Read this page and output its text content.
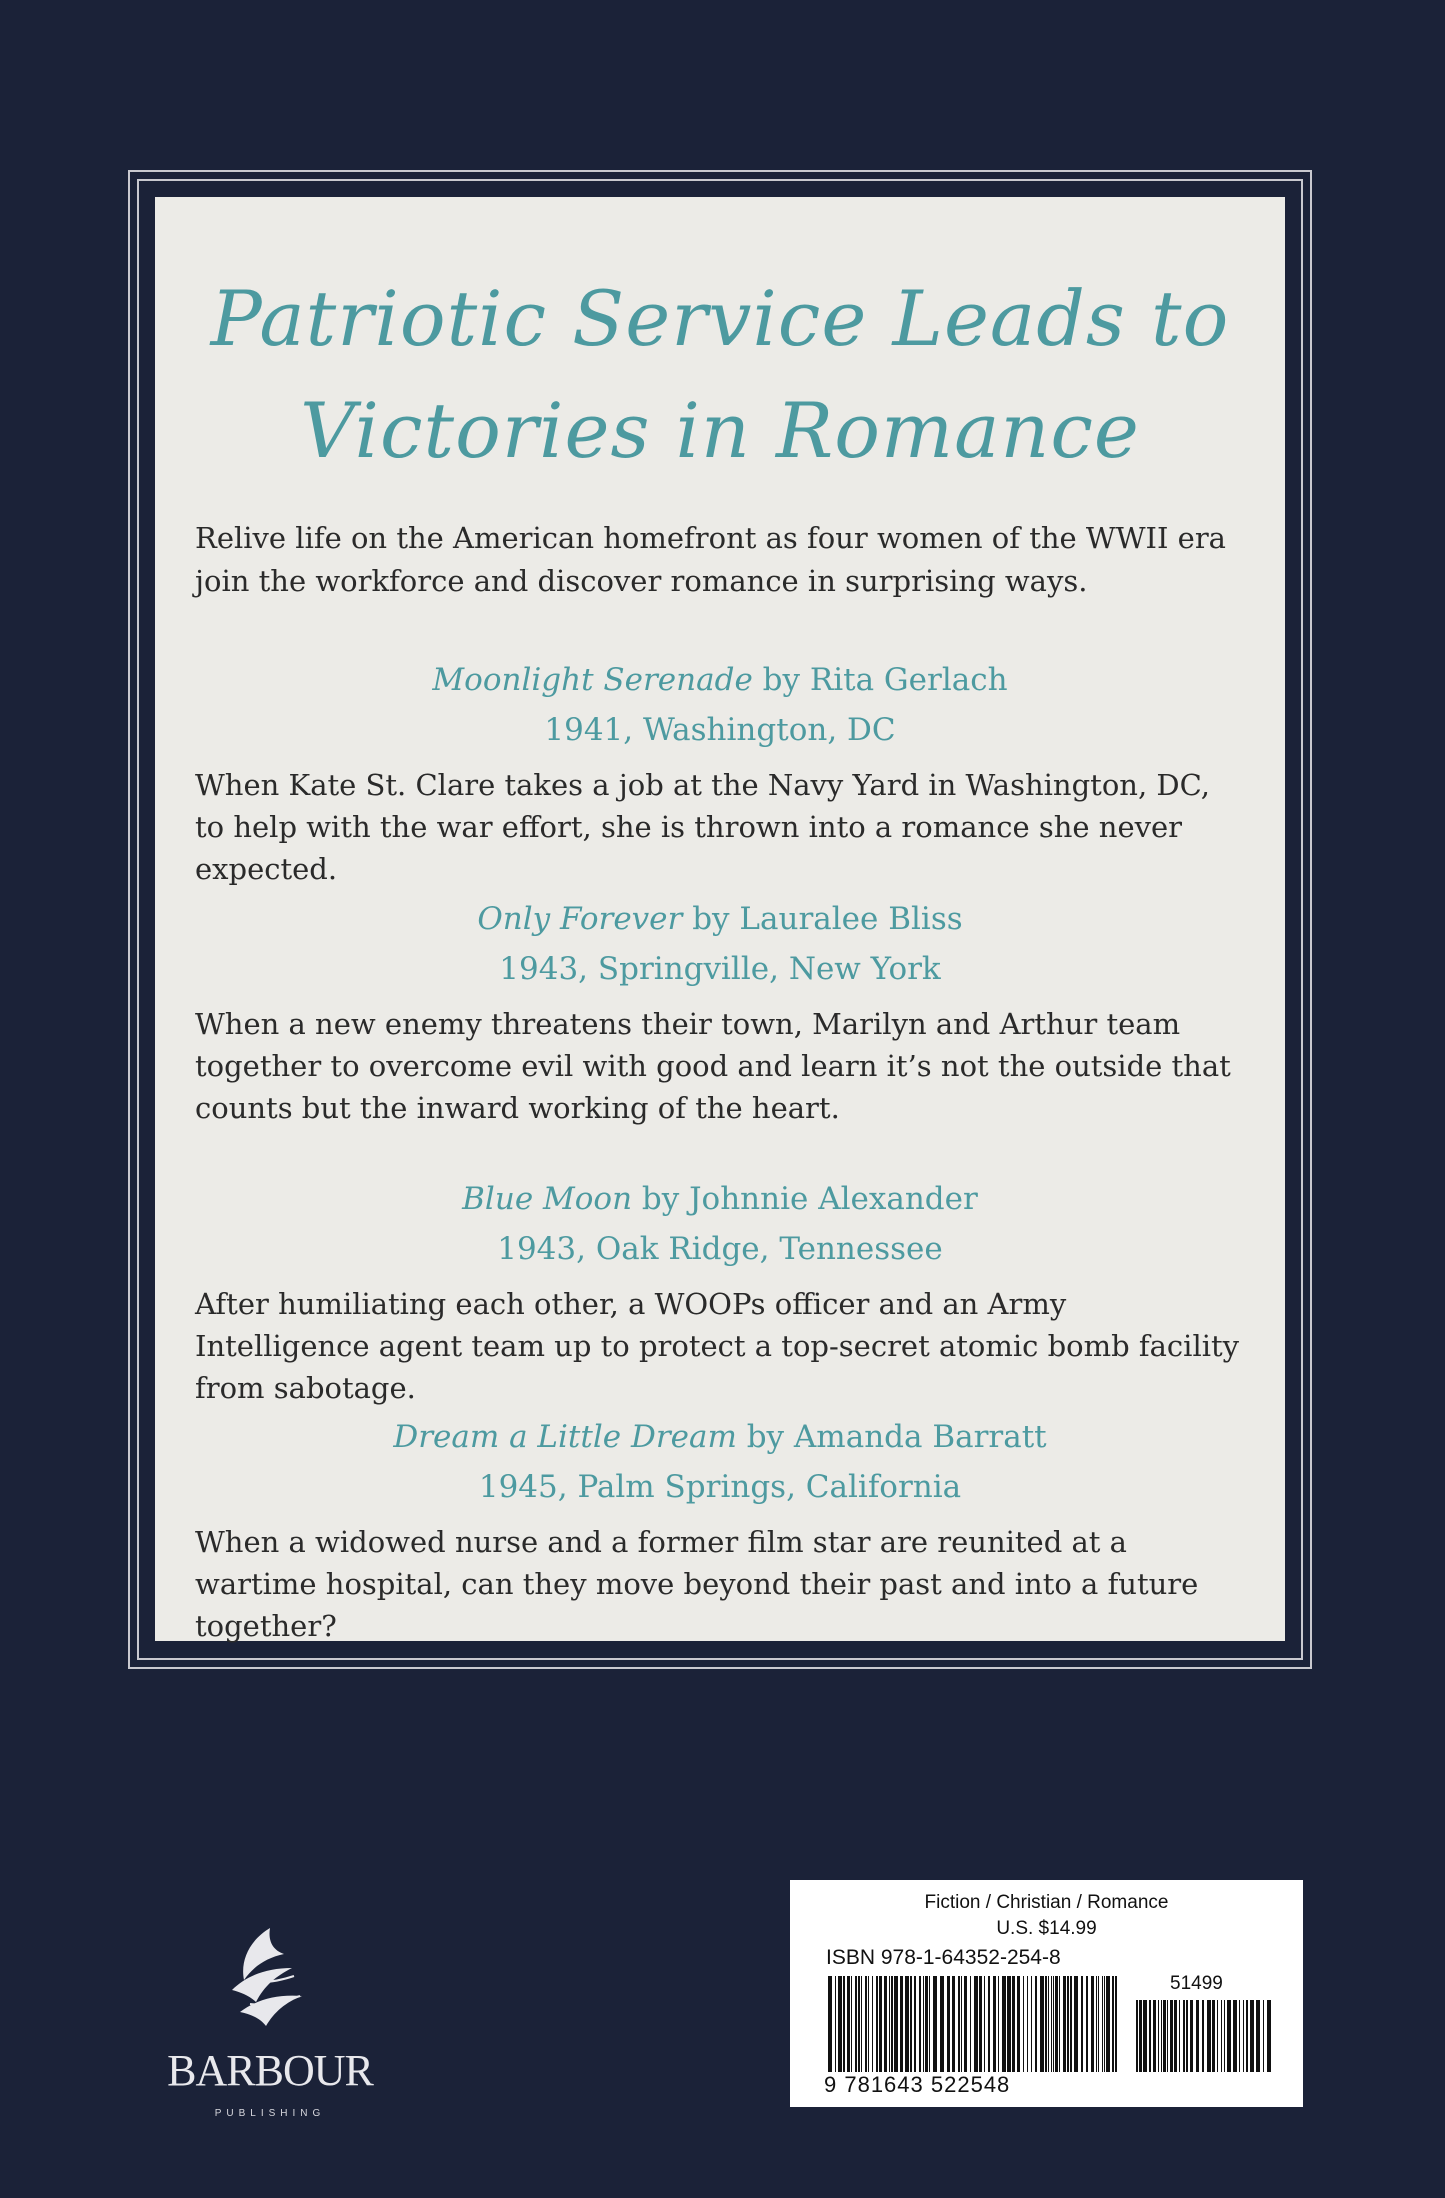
Patriotic Service Leads to
Victories in Romance
Relive life on the American homefront as four women of the WWII era join the workforce and discover romance in surprising ways.
Moonlight Serenade by Rita Gerlach
1941, Washington, DC
When Kate St. Clare takes a job at the Navy Yard in Washington, DC, to help with the war effort, she is thrown into a romance she never expected.
Only Forever by Lauralee Bliss
1943, Springville, New York
When a new enemy threatens their town, Marilyn and Arthur team together to overcome evil with good and learn it’s not the outside that counts but the inward working of the heart.
Blue Moon by Johnnie Alexander
1943, Oak Ridge, Tennessee
After humiliating each other, a WOOPs officer and an Army Intelligence agent team up to protect a top-secret atomic bomb facility from sabotage.
Dream a Little Dream by Amanda Barratt
1945, Palm Springs, California
When a widowed nurse and a former film star are reunited at a wartime hospital, can they move beyond their past and into a future together?
BARBOUR
PUBLISHING
Fiction / Christian / Romance
U.S. $14.99
ISBN 978-1-64352-254-8
51499
9 781643 522548
